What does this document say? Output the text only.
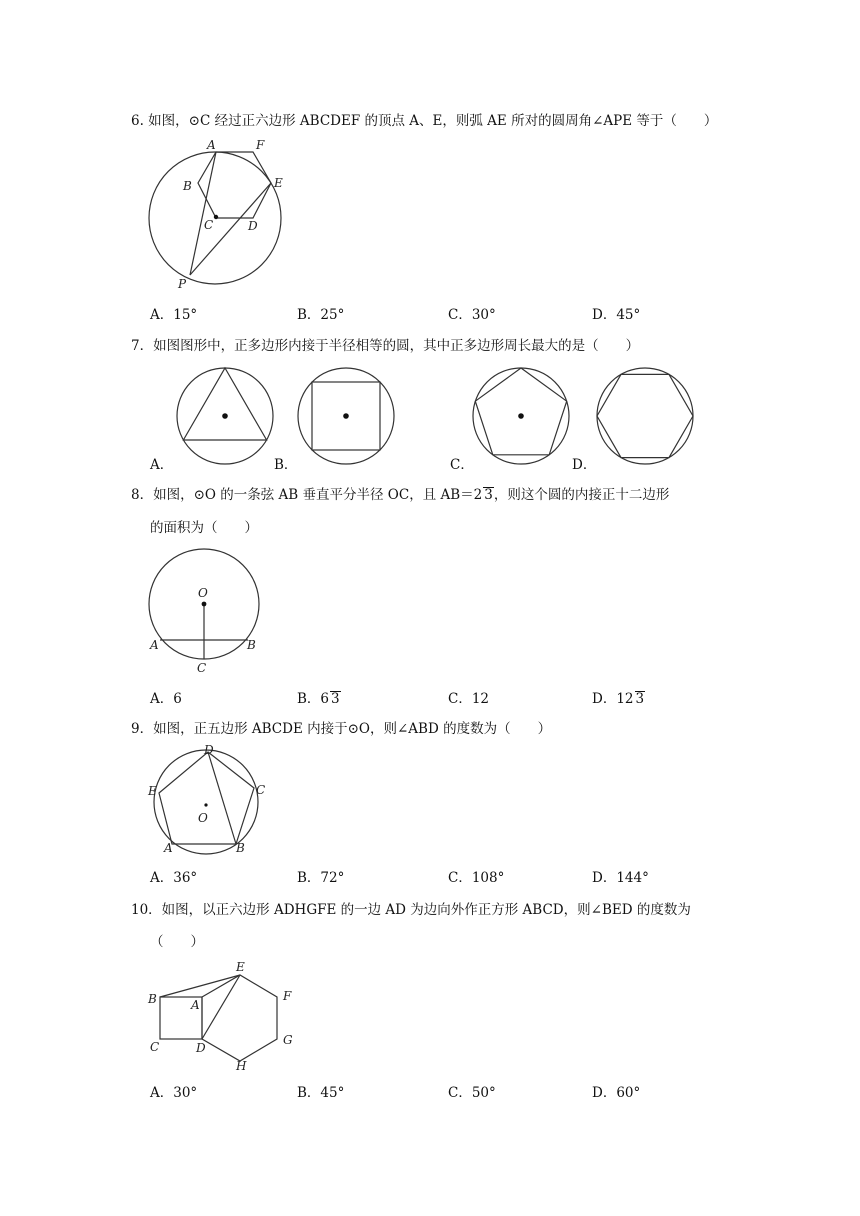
6. 如图，⊙C 经过正六边形 ABCDEF 的顶点 A、E，则弧 AE 所对的圆周角∠APE 等于（　　）
A	F
B	E
C	D
P
A．15°	B．25°	C．30°	D．45°
7．如图图形中，正多边形内接于半径相等的圆，其中正多边形周长最大的是（　　）
A．	B．	C．	D．
8．如图，⊙O 的一条弦 AB 垂直平分半径 OC，且 AB＝2 3，则这个圆的内接正十二边形
的面积为（　　）
O
A	B
C
A．6	B．6 3	C．12	D．12 3
9．如图，正五边形 ABCDE 内接于⊙O，则∠ABD 的度数为（　　）
D
E	C
O
A	B
A．36°	B．72°	C．108°	D．144°
10．如图，以正六边形 ADHGFE 的一边 AD 为边向外作正方形 ABCD，则∠BED 的度数为
（　　）
E
B	A
F
C	D
G
H
A．30°	B．45°	C．50°	D．60°
